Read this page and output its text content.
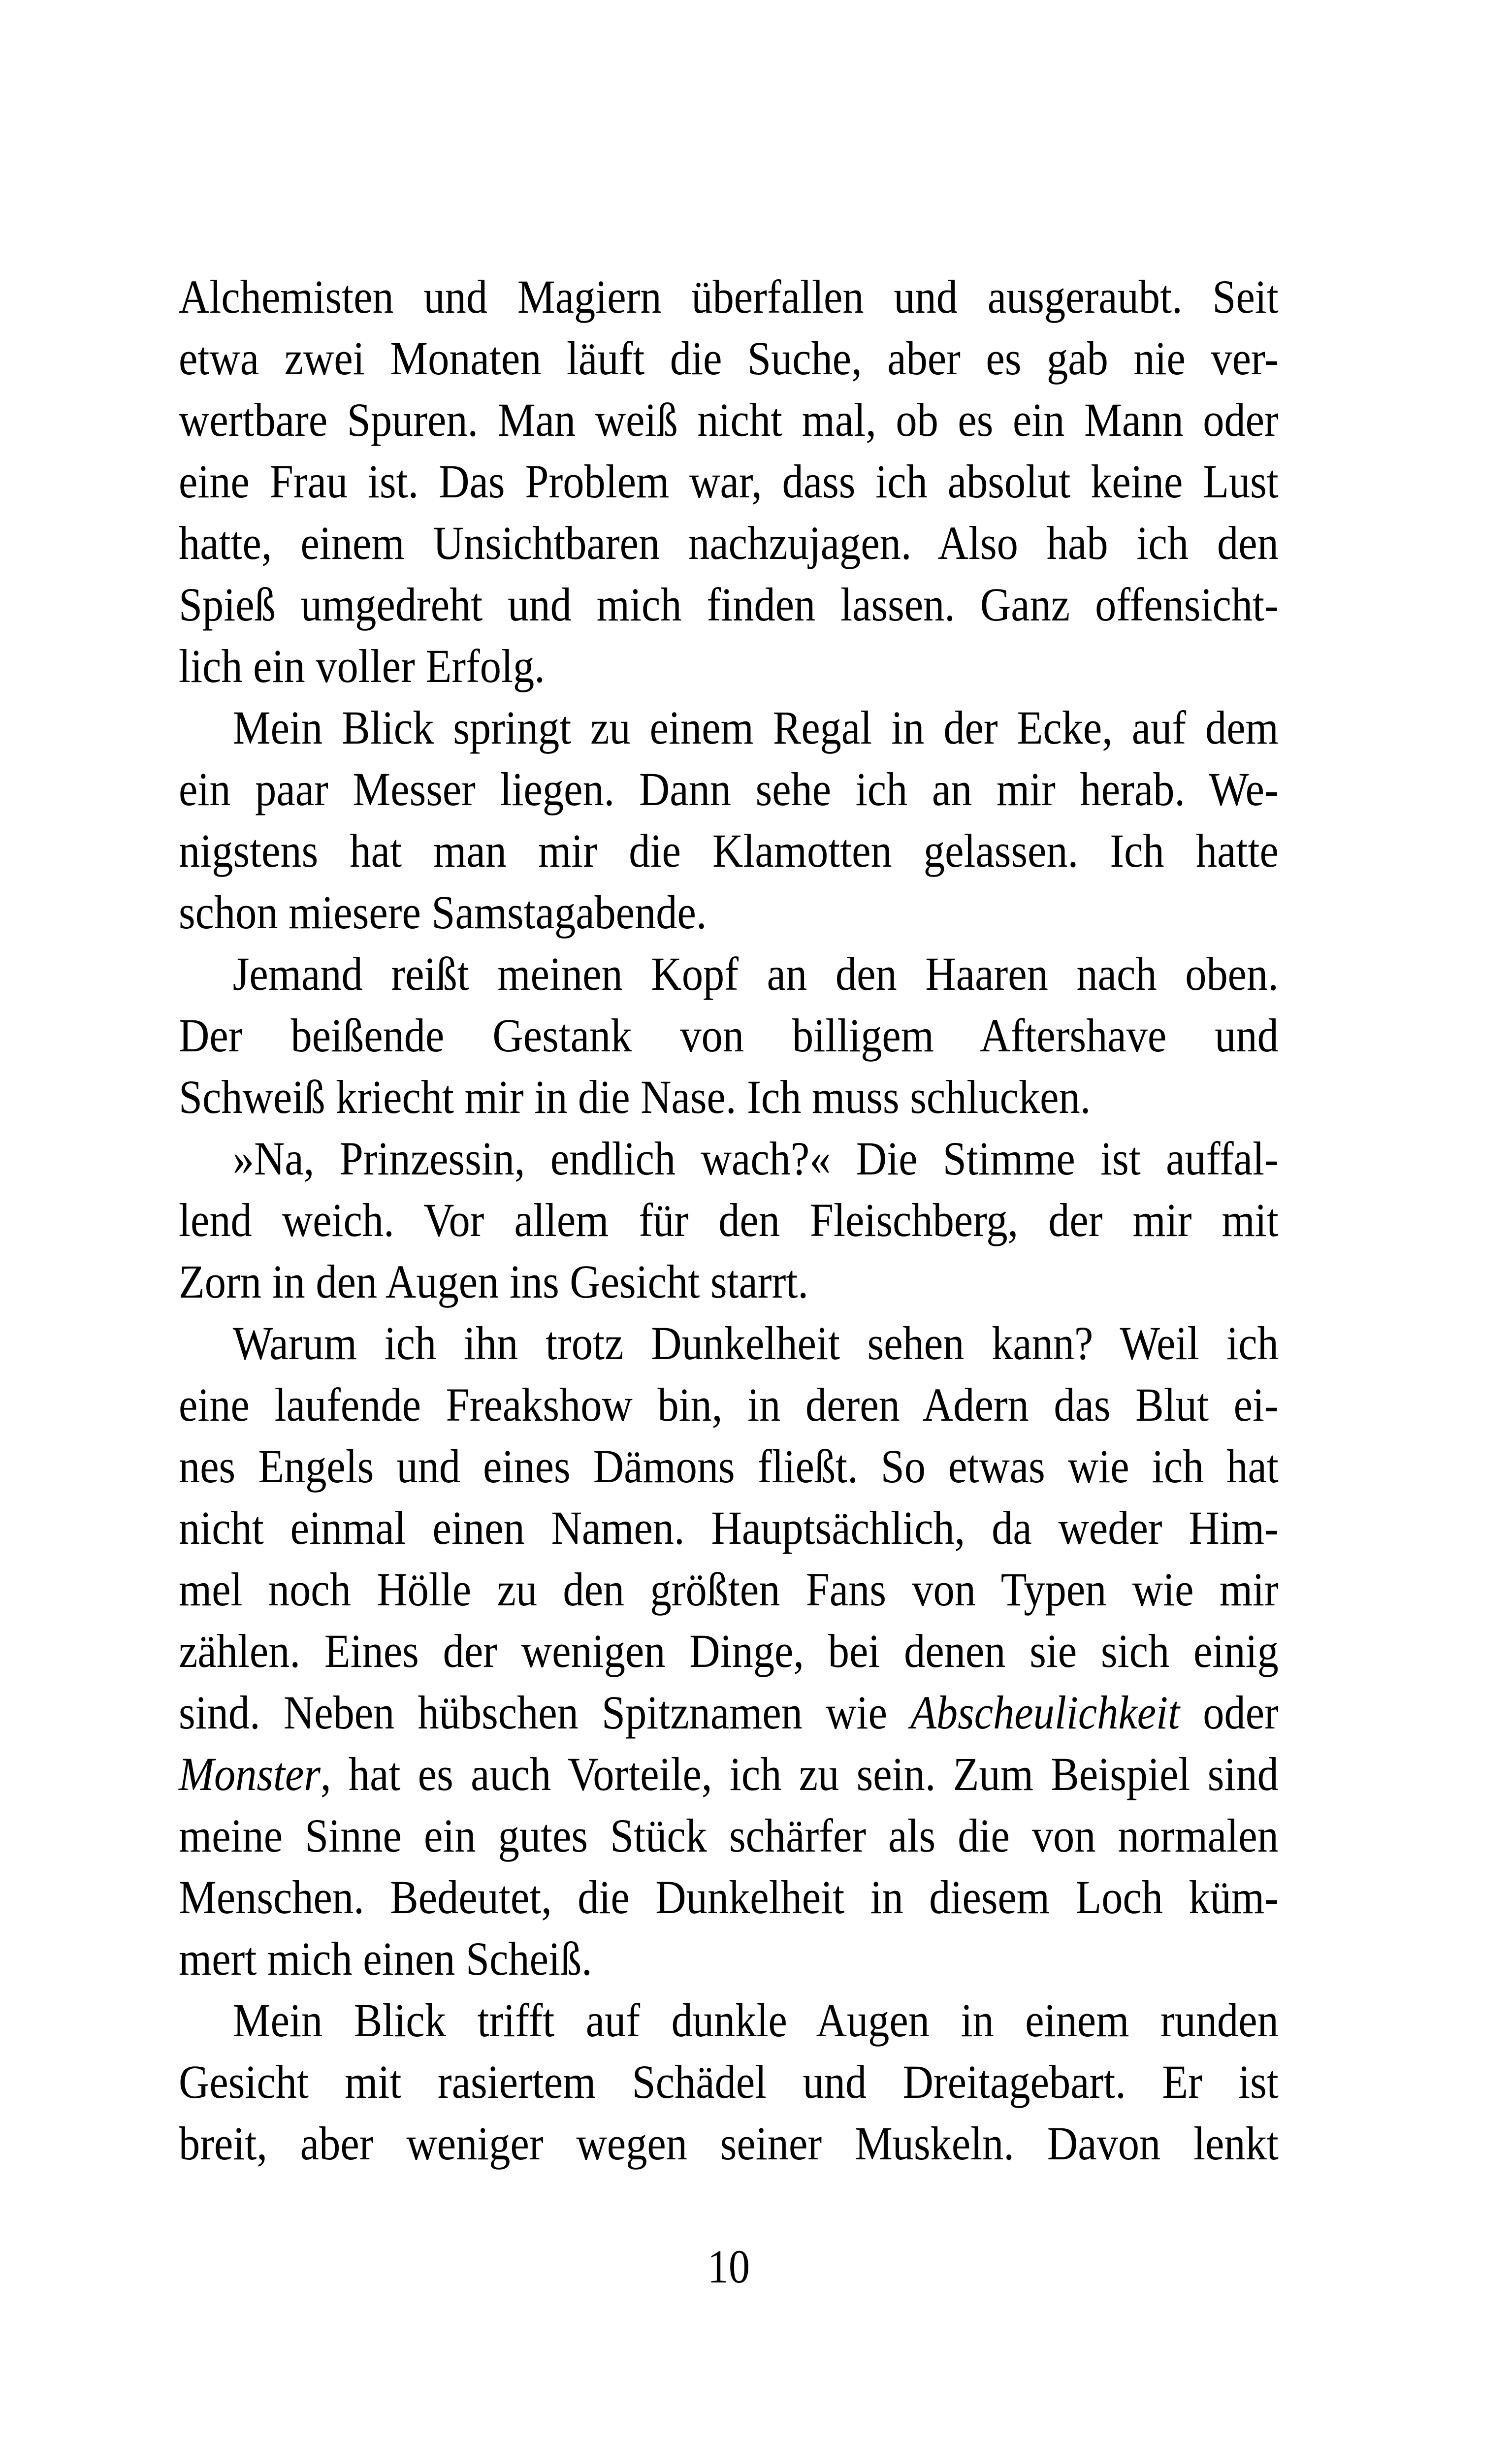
Alchemisten und Magiern überfallen und ausgeraubt. Seit
etwa zwei Monaten läuft die Suche, aber es gab nie ver-
wertbare Spuren. Man weiß nicht mal, ob es ein Mann oder
eine Frau ist. Das Problem war, dass ich absolut keine Lust
hatte, einem Unsichtbaren nachzujagen. Also hab ich den
Spieß umgedreht und mich finden lassen. Ganz offensicht-
lich ein voller Erfolg.
Mein Blick springt zu einem Regal in der Ecke, auf dem
ein paar Messer liegen. Dann sehe ich an mir herab. We-
nigstens hat man mir die Klamotten gelassen. Ich hatte
schon miesere Samstagabende.
Jemand reißt meinen Kopf an den Haaren nach oben.
Der beißende Gestank von billigem Aftershave und
Schweiß kriecht mir in die Nase. Ich muss schlucken.
»Na, Prinzessin, endlich wach?« Die Stimme ist auffal-
lend weich. Vor allem für den Fleischberg, der mir mit
Zorn in den Augen ins Gesicht starrt.
Warum ich ihn trotz Dunkelheit sehen kann? Weil ich
eine laufende Freakshow bin, in deren Adern das Blut ei-
nes Engels und eines Dämons fließt. So etwas wie ich hat
nicht einmal einen Namen. Hauptsächlich, da weder Him-
mel noch Hölle zu den größten Fans von Typen wie mir
zählen. Eines der wenigen Dinge, bei denen sie sich einig
sind. Neben hübschen Spitznamen wie Abscheulichkeit oder
Monster, hat es auch Vorteile, ich zu sein. Zum Beispiel sind
meine Sinne ein gutes Stück schärfer als die von normalen
Menschen. Bedeutet, die Dunkelheit in diesem Loch küm-
mert mich einen Scheiß.
Mein Blick trifft auf dunkle Augen in einem runden
Gesicht mit rasiertem Schädel und Dreitagebart. Er ist
breit, aber weniger wegen seiner Muskeln. Davon lenkt
10
